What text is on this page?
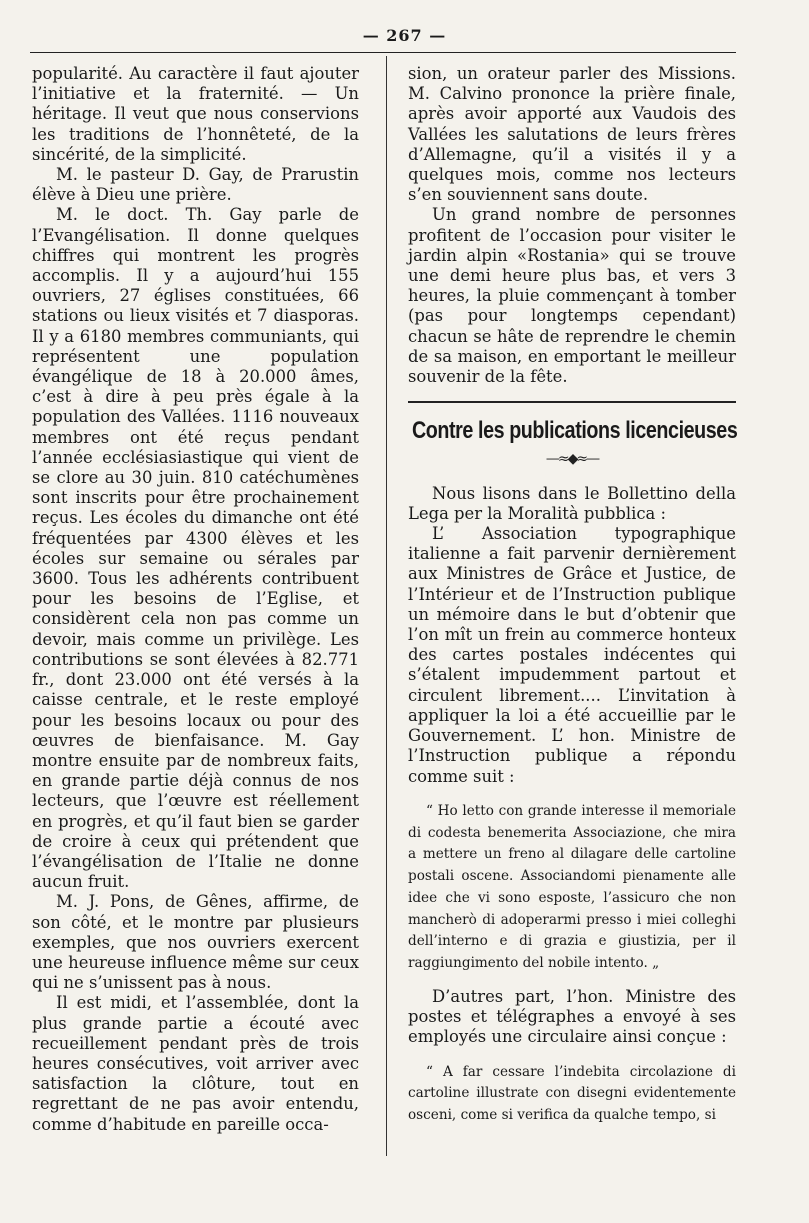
— 267 —

popularité. Au caractère il faut ajouter l’initiative et la fraternité. — Un héritage. Il veut que nous conservions les traditions de l’honnêteté, de la sincérité, de la simplicité.

M. le pasteur D. Gay, de Prarustin élève à Dieu une prière.

M. le doct. Th. Gay parle de l’Evangélisation. Il donne quelques chiffres qui montrent les progrès accomplis. Il y a aujourd’hui 155 ouvriers, 27 églises constituées, 66 stations ou lieux visités et 7 diasporas. Il y a 6180 membres communiants, qui représentent une population évangélique de 18 à 20.000 âmes, c’est à dire à peu près égale à la population des Vallées. 1116 nouveaux membres ont été reçus pendant l’année ecclésiasiastique qui vient de se clore au 30 juin. 810 catéchumènes sont inscrits pour être prochainement reçus. Les écoles du dimanche ont été fréquentées par 4300 élèves et les écoles sur semaine ou sérales par 3600. Tous les adhérents contribuent pour les besoins de l’Eglise, et considèrent cela non pas comme un devoir, mais comme un privilège. Les contributions se sont élevées à 82.771 fr., dont 23.000 ont été versés à la caisse centrale, et le reste employé pour les besoins locaux ou pour des œuvres de bienfaisance. M. Gay montre ensuite par de nombreux faits, en grande partie déjà connus de nos lecteurs, que l’œuvre est réellement en progrès, et qu’il faut bien se garder de croire à ceux qui prétendent que l’évangélisation de l’Italie ne donne aucun fruit.

M. J. Pons, de Gênes, affirme, de son côté, et le montre par plusieurs exemples, que nos ouvriers exercent une heureuse influence même sur ceux qui ne s’unissent pas à nous.

Il est midi, et l’assemblée, dont la plus grande partie a écouté avec recueillement pendant près de trois heures consécutives, voit arriver avec satisfaction la clôture, tout en regrettant de ne pas avoir entendu, comme d’habitude en pareille occa-

sion, un orateur parler des Missions. M. Calvino prononce la prière finale, après avoir apporté aux Vaudois des Vallées les salutations de leurs frères d’Allemagne, qu’il a visités il y a quelques mois, comme nos lecteurs s’en souviennent sans doute.

Un grand nombre de personnes profitent de l’occasion pour visiter le jardin alpin «Rostania» qui se trouve une demi heure plus bas, et vers 3 heures, la pluie commençant à tomber (pas pour longtemps cependant) chacun se hâte de reprendre le chemin de sa maison, en emportant le meilleur souvenir de la fête.

Contre les publications licencieuses
—≈◆≈—

Nous lisons dans le Bollettino della Lega per la Moralità pubblica :

L’ Association typographique italienne a fait parvenir dernièrement aux Ministres de Grâce et Justice, de l’Intérieur et de l’Instruction publique un mémoire dans le but d’obtenir que l’on mît un frein au commerce honteux des cartes postales indécentes qui s’étalent impudemment partout et circulent librement.... L’invitation à appliquer la loi a été accueillie par le Gouvernement. L’ hon. Ministre de l’Instruction publique a répondu comme suit :

“ Ho letto con grande interesse il memoriale di codesta benemerita Associazione, che mira a mettere un freno al dilagare delle cartoline postali oscene. Associandomi pienamente alle idee che vi sono esposte, l’assicuro che non mancherò di adoperarmi presso i miei colleghi dell’interno e di grazia e giustizia, per il raggiungimento del nobile intento. „

D’autres part, l’hon. Ministre des postes et télégraphes a envoyé à ses employés une circulaire ainsi conçue :

“ A far cessare l’indebita circolazione di cartoline illustrate con disegni evidentemente osceni, come si verifica da qualche tempo, si
